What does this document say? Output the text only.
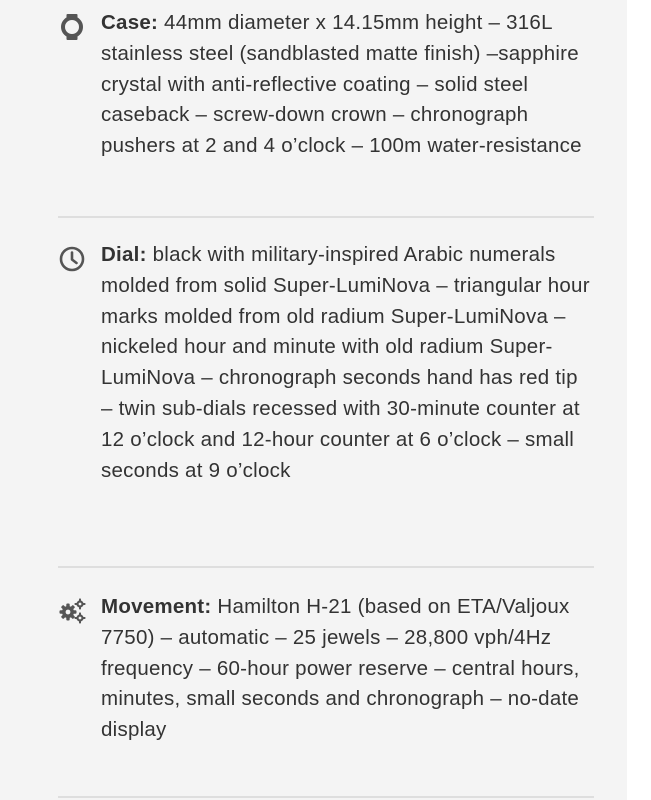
Case: 44mm diameter x 14.15mm height – 316L stainless steel (sandblasted matte finish) –sapphire crystal with anti-reflective coating – solid steel caseback – screw-down crown – chronograph pushers at 2 and 4 o’clock – 100m water-resistance

Dial: black with military-inspired Arabic numerals molded from solid Super-LumiNova – triangular hour marks molded from old radium Super-LumiNova – nickeled hour and minute with old radium Super-LumiNova – chronograph seconds hand has red tip – twin sub-dials recessed with 30-minute counter at 12 o’clock and 12-hour counter at 6 o’clock – small seconds at 9 o’clock

Movement: Hamilton H-21 (based on ETA/Valjoux 7750) – automatic – 25 jewels – 28,800 vph/4Hz frequency – 60-hour power reserve – central hours, minutes, small seconds and chronograph – no-date display
